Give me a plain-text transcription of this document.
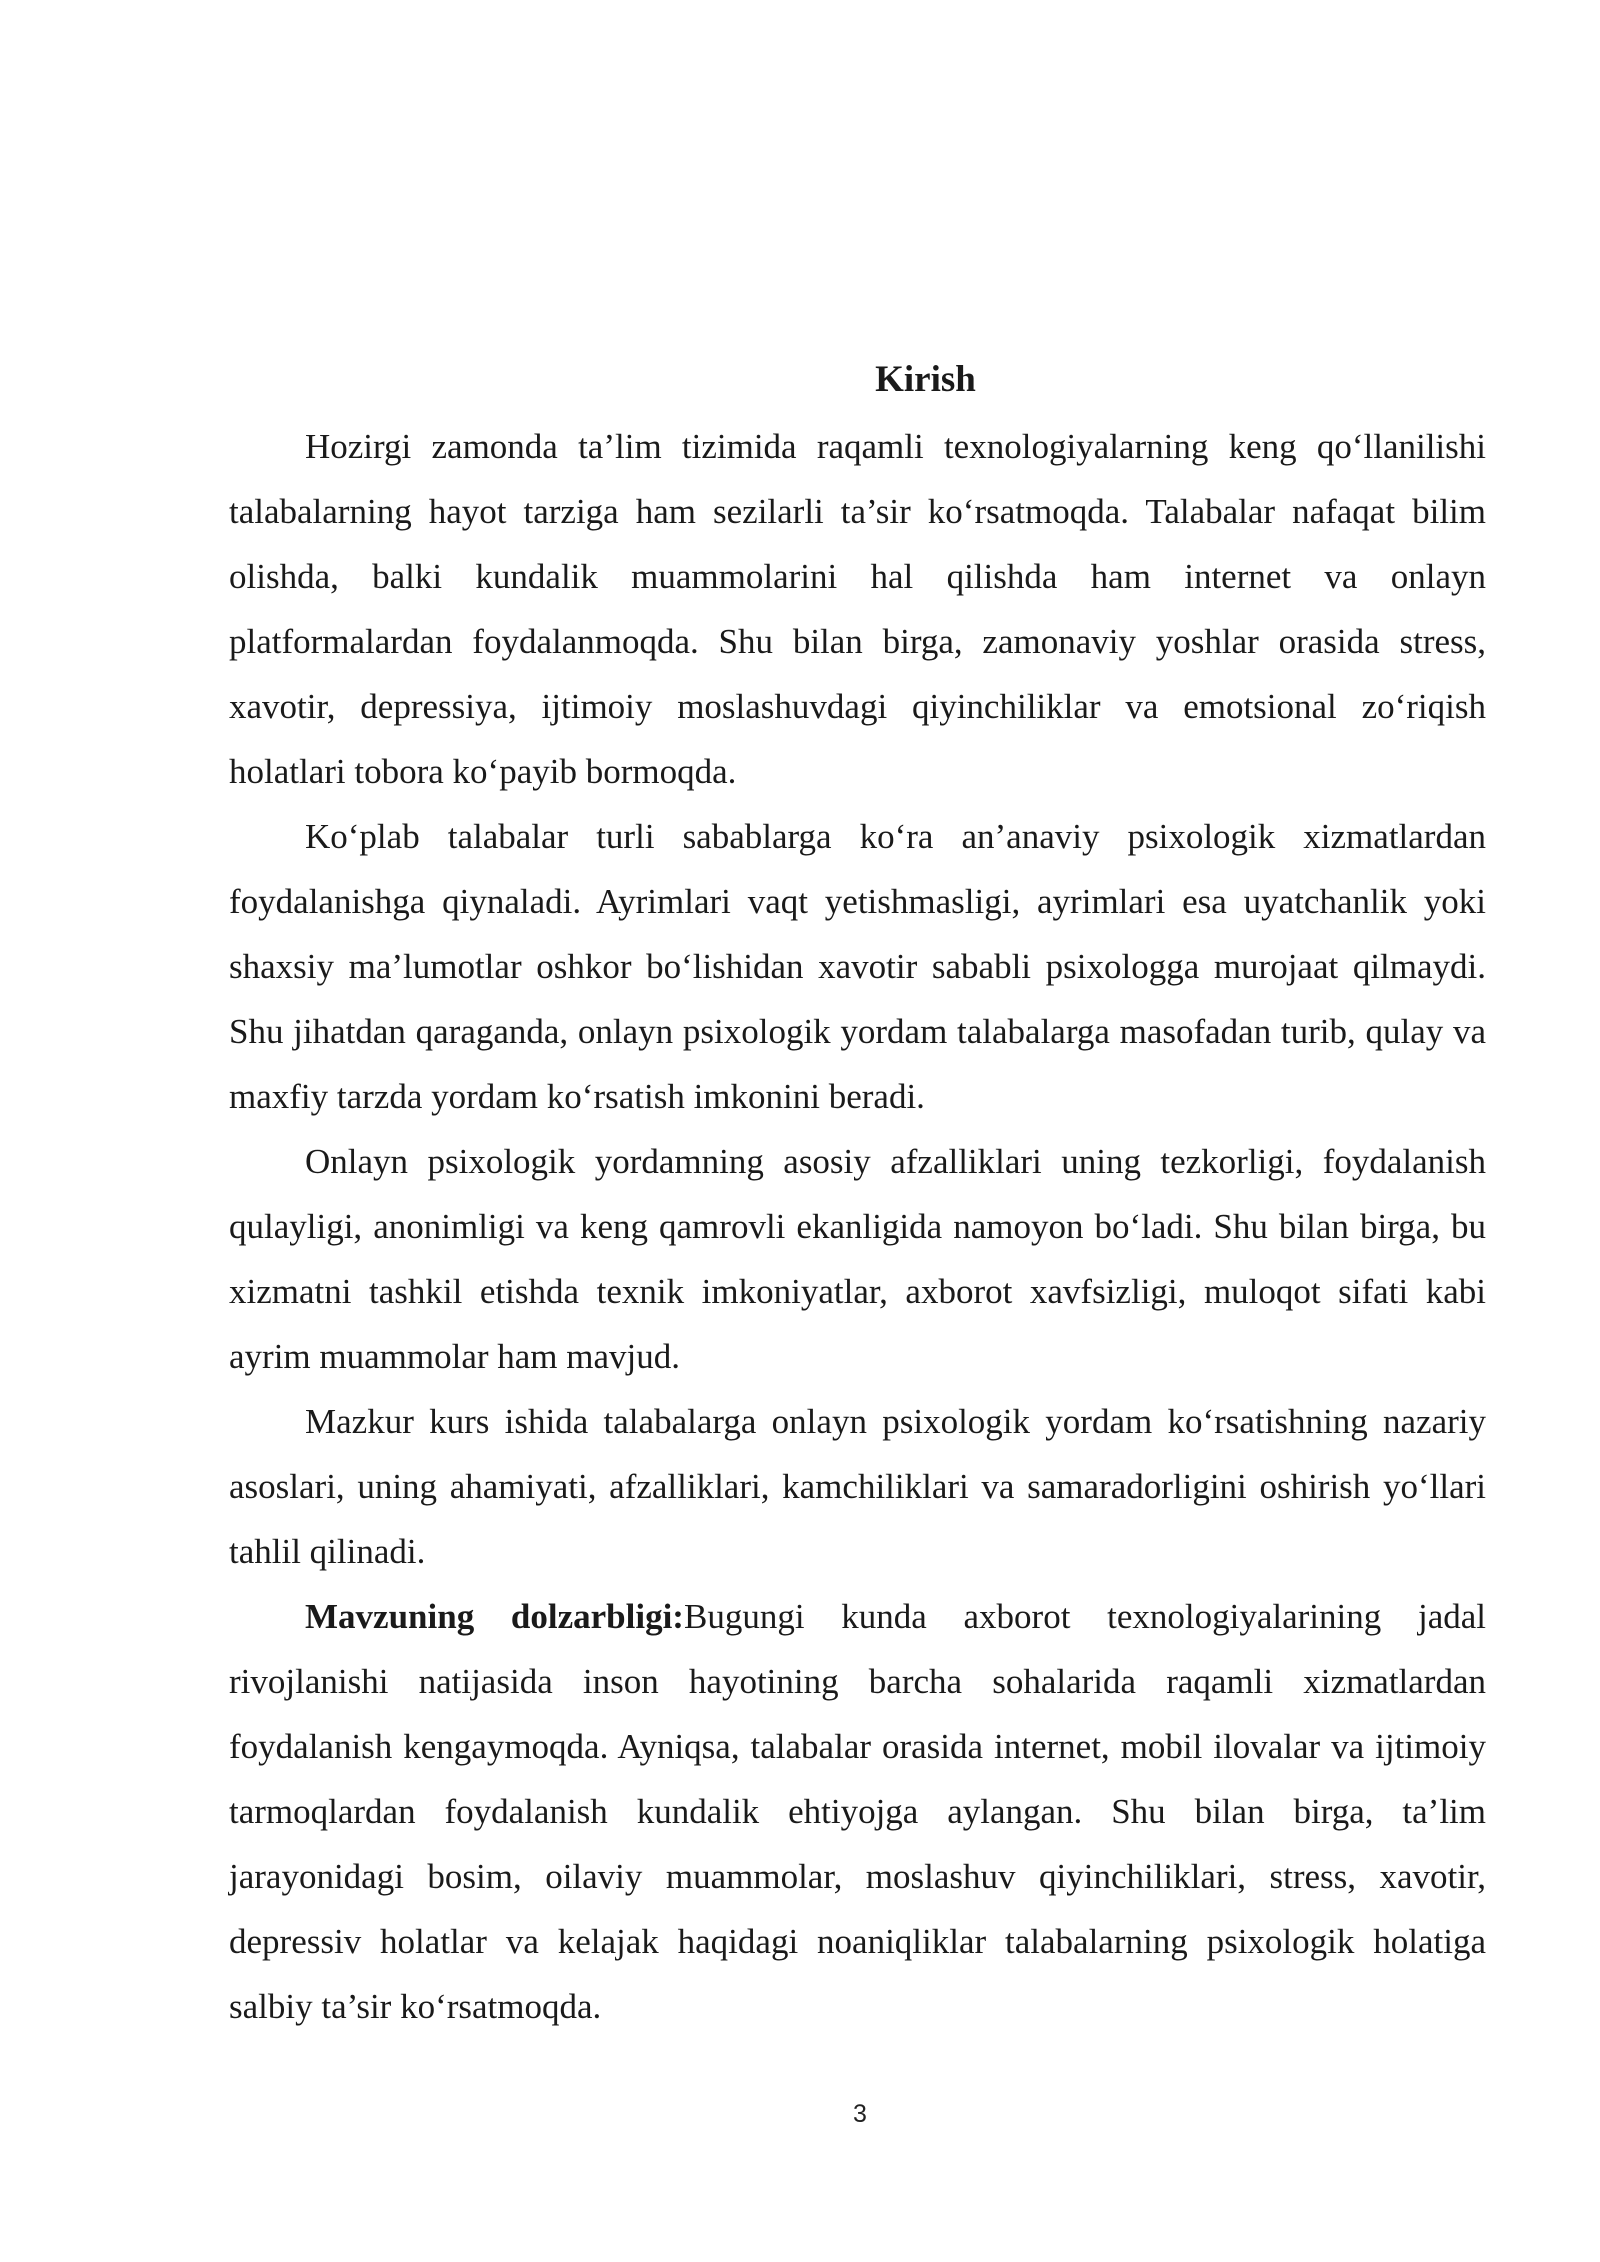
Kirish

Hozirgi zamonda ta’lim tizimida raqamli texnologiyalarning keng qo‘llanilishi talabalarning hayot tarziga ham sezilarli ta’sir ko‘rsatmoqda. Talabalar nafaqat bilim olishda, balki kundalik muammolarini hal qilishda ham internet va onlayn platformalardan foydalanmoqda. Shu bilan birga, zamonaviy yoshlar orasida stress, xavotir, depressiya, ijtimoiy moslashuvdagi qiyinchiliklar va emotsional zo‘riqish holatlari tobora ko‘payib bormoqda.

Ko‘plab talabalar turli sabablarga ko‘ra an’anaviy psixologik xizmatlardan foydalanishga qiynaladi. Ayrimlari vaqt yetishmasligi, ayrimlari esa uyatchanlik yoki shaxsiy ma’lumotlar oshkor bo‘lishidan xavotir sababli psixologga murojaat qilmaydi. Shu jihatdan qaraganda, onlayn psixologik yordam talabalarga masofadan turib, qulay va maxfiy tarzda yordam ko‘rsatish imkonini beradi.

Onlayn psixologik yordamning asosiy afzalliklari uning tezkorligi, foydalanish qulayligi, anonimligi va keng qamrovli ekanligida namoyon bo‘ladi. Shu bilan birga, bu xizmatni tashkil etishda texnik imkoniyatlar, axborot xavfsizligi, muloqot sifati kabi ayrim muammolar ham mavjud.

Mazkur kurs ishida talabalarga onlayn psixologik yordam ko‘rsatishning nazariy asoslari, uning ahamiyati, afzalliklari, kamchiliklari va samaradorligini oshirish yo‘llari tahlil qilinadi.

Mavzuning dolzarbligi:Bugungi kunda axborot texnologiyalarining jadal rivojlanishi natijasida inson hayotining barcha sohalarida raqamli xizmatlardan foydalanish kengaymoqda. Ayniqsa, talabalar orasida internet, mobil ilovalar va ijtimoiy tarmoqlardan foydalanish kundalik ehtiyojga aylangan. Shu bilan birga, ta’lim jarayonidagi bosim, oilaviy muammolar, moslashuv qiyinchiliklari, stress, xavotir, depressiv holatlar va kelajak haqidagi noaniqliklar talabalarning psixologik holatiga salbiy ta’sir ko‘rsatmoqda.

3
